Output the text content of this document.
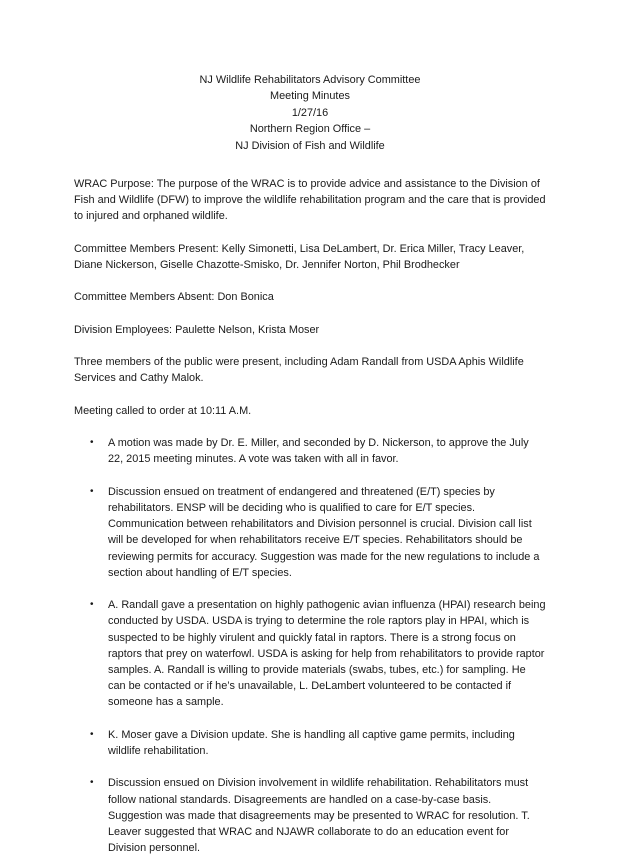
NJ Wildlife Rehabilitators Advisory Committee
Meeting Minutes
1/27/16
Northern Region Office –
NJ Division of Fish and Wildlife

WRAC Purpose: The purpose of the WRAC is to provide advice and assistance to the Division of Fish and Wildlife (DFW) to improve the wildlife rehabilitation program and the care that is provided to injured and orphaned wildlife.

Committee Members Present: Kelly Simonetti, Lisa DeLambert, Dr. Erica Miller, Tracy Leaver, Diane Nickerson, Giselle Chazotte-Smisko, Dr. Jennifer Norton, Phil Brodhecker

Committee Members Absent: Don Bonica

Division Employees: Paulette Nelson, Krista Moser

Three members of the public were present, including Adam Randall from USDA Aphis Wildlife Services and Cathy Malok.

Meeting called to order at 10:11 A.M.

• A motion was made by Dr. E. Miller, and seconded by D. Nickerson, to approve the July 22, 2015 meeting minutes. A vote was taken with all in favor.
• Discussion ensued on treatment of endangered and threatened (E/T) species by rehabilitators. ENSP will be deciding who is qualified to care for E/T species. Communication between rehabilitators and Division personnel is crucial. Division call list will be developed for when rehabilitators receive E/T species. Rehabilitators should be reviewing permits for accuracy. Suggestion was made for the new regulations to include a section about handling of E/T species.
• A. Randall gave a presentation on highly pathogenic avian influenza (HPAI) research being conducted by USDA. USDA is trying to determine the role raptors play in HPAI, which is suspected to be highly virulent and quickly fatal in raptors. There is a strong focus on raptors that prey on waterfowl. USDA is asking for help from rehabilitators to provide raptor samples. A. Randall is willing to provide materials (swabs, tubes, etc.) for sampling. He can be contacted or if he’s unavailable, L. DeLambert volunteered to be contacted if someone has a sample.
• K. Moser gave a Division update. She is handling all captive game permits, including wildlife rehabilitation.
• Discussion ensued on Division involvement in wildlife rehabilitation. Rehabilitators must follow national standards. Disagreements are handled on a case-by-case basis. Suggestion was made that disagreements may be presented to WRAC for resolution. T. Leaver suggested that WRAC and NJAWR collaborate to do an education event for Division personnel.
